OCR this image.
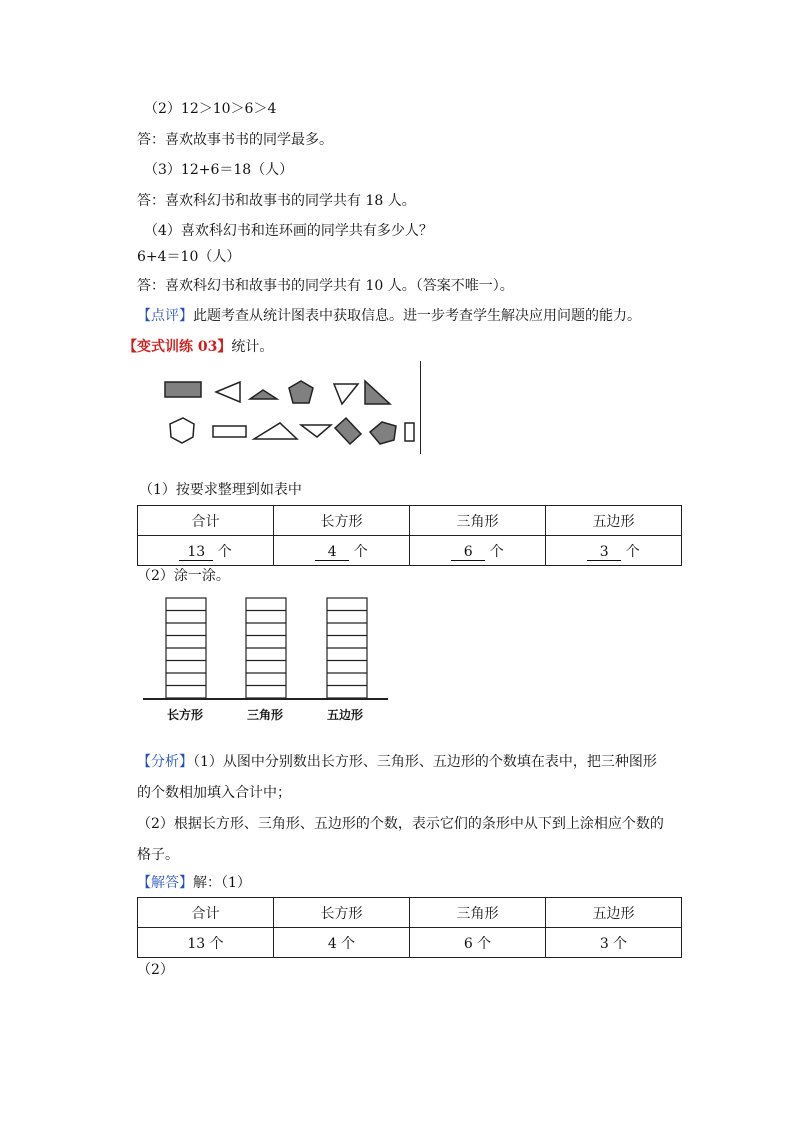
（2）12＞10＞6＞4
答：喜欢故事书书的同学最多。
（3）12+6＝18（人）
答：喜欢科幻书和故事书的同学共有 18 人。
（4）喜欢科幻书和连环画的同学共有多少人？
6+4＝10（人）
答：喜欢科幻书和故事书的同学共有 10 人。（答案不唯一）。
【点评】此题考查从统计图表中获取信息。进一步考查学生解决应用问题的能力。
【变式训练 03】统计。
（1）按要求整理到如表中
合计	长方形	三角形	五边形
13 个	4 个	6 个	3 个
（2）涂一涂。
长方形	三角形	五边形
【分析】（1）从图中分别数出长方形、三角形、五边形的个数填在表中，把三种图形
的个数相加填入合计中；
（2）根据长方形、三角形、五边形的个数，表示它们的条形中从下到上涂相应个数的
格子。
【解答】解：（1）
合计	长方形	三角形	五边形
13 个	4 个	6 个	3 个
（2）
